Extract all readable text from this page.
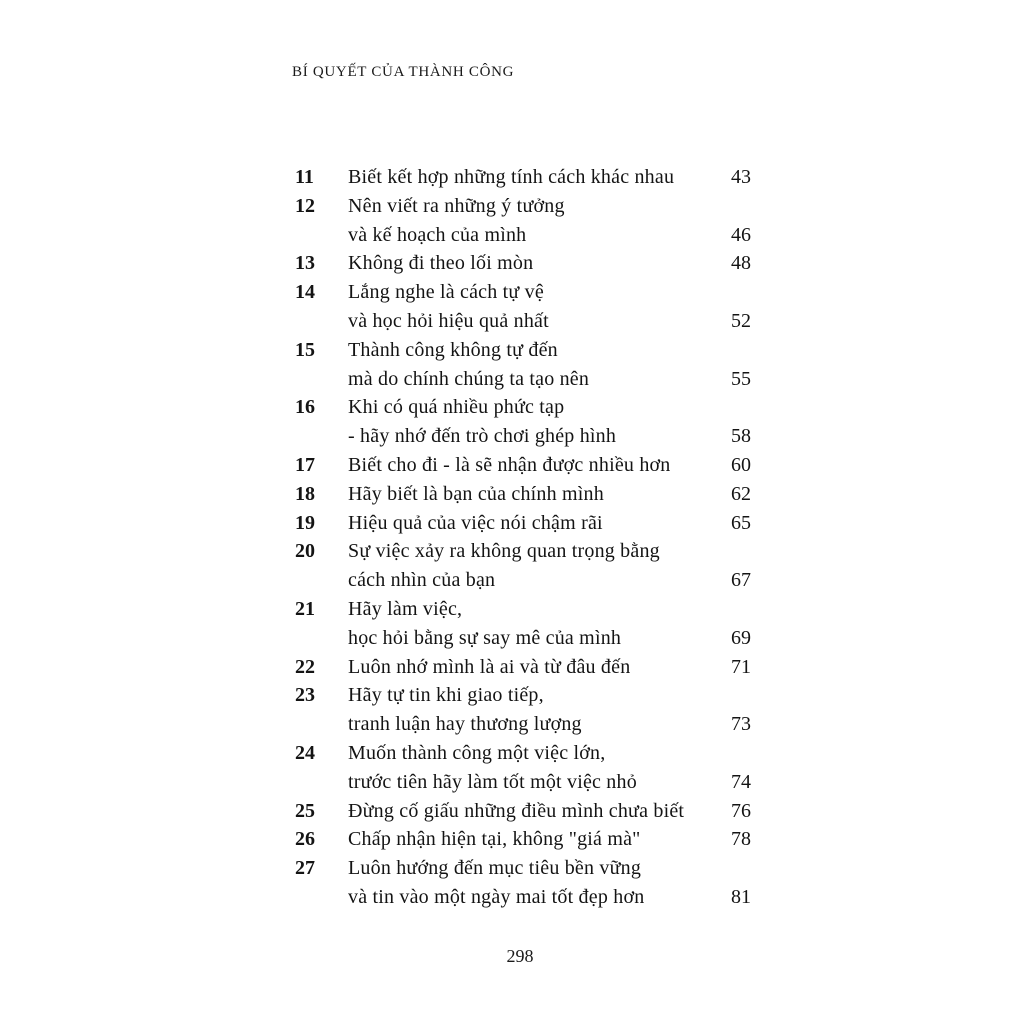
BÍ QUYẾT CỦA THÀNH CÔNG
11	Biết kết hợp những tính cách khác nhau	43
12	Nên viết ra những ý tưởng
và kế hoạch của mình	46
13	Không đi theo lối mòn	48
14	Lắng nghe là cách tự vệ
và học hỏi hiệu quả nhất	52
15	Thành công không tự đến
mà do chính chúng ta tạo nên	55
16	Khi có quá nhiều phức tạp
- hãy nhớ đến trò chơi ghép hình	58
17	Biết cho đi - là sẽ nhận được nhiều hơn	60
18	Hãy biết là bạn của chính mình	62
19	Hiệu quả của việc nói chậm rãi	65
20	Sự việc xảy ra không quan trọng bằng
cách nhìn của bạn	67
21	Hãy làm việc,
học hỏi bằng sự say mê của mình	69
22	Luôn nhớ mình là ai và từ đâu đến	71
23	Hãy tự tin khi giao tiếp,
tranh luận hay thương lượng	73
24	Muốn thành công một việc lớn,
trước tiên hãy làm tốt một việc nhỏ	74
25	Đừng cố giấu những điều mình chưa biết	76
26	Chấp nhận hiện tại, không "giá mà"	78
27	Luôn hướng đến mục tiêu bền vững
và tin vào một ngày mai tốt đẹp hơn	81
298
